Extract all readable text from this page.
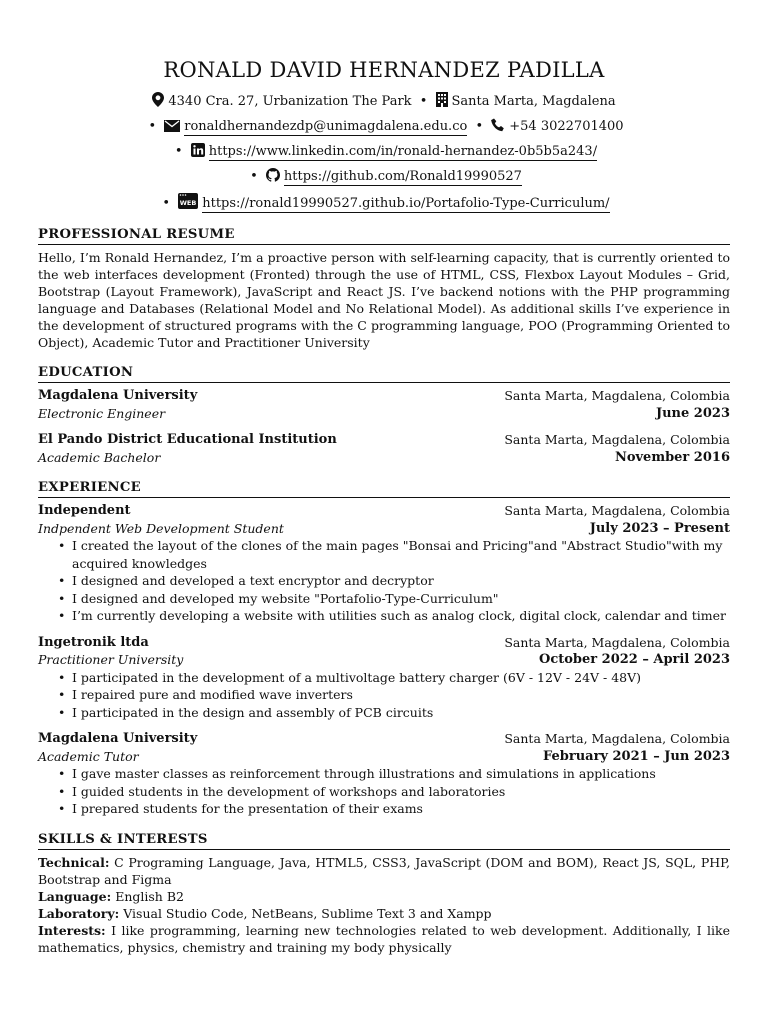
RONALD DAVID HERNANDEZ PADILLA
4340 Cra. 27, Urbanization The Park • Santa Marta, Magdalena
• ronaldhernandezdp@unimagdalena.edu.co • +54 3022701400
• https://www.linkedin.com/in/ronald-hernandez-0b5b5a243/
• https://github.com/Ronald19990527
• WEB https://ronald19990527.github.io/Portafolio-Type-Curriculum/
PROFESSIONAL RESUME

Hello, I’m Ronald Hernandez, I’m a proactive person with self-learning capacity, that is currently oriented to the web interfaces development (Fronted) through the use of HTML, CSS, Flexbox Layout Modules – Grid, Bootstrap (Layout Framework), JavaScript and React JS. I’ve backend notions with the PHP programming language and Databases (Relational Model and No Relational Model). As additional skills I’ve experience in the development of structured programs with the C programming language, POO (Programming Oriented to Object), Academic Tutor and Practitioner University

EDUCATION
Magdalena University	Santa Marta, Magdalena, Colombia
Electronic Engineer	June 2023
El Pando District Educational Institution	Santa Marta, Magdalena, Colombia
Academic Bachelor	November 2016
EXPERIENCE
Independent	Santa Marta, Magdalena, Colombia
Indpendent Web Development Student	July 2023 – Present
• I created the layout of the clones of the main pages "Bonsai and Pricing"and "Abstract Studio"with my acquired knowledges
• I designed and developed a text encryptor and decryptor
• I designed and developed my website "Portafolio-Type-Curriculum"
• I’m currently developing a website with utilities such as analog clock, digital clock, calendar and timer
Ingetronik ltda	Santa Marta, Magdalena, Colombia
Practitioner University	October 2022 – April 2023
• I participated in the development of a multivoltage battery charger (6V - 12V - 24V - 48V)
• I repaired pure and modified wave inverters
• I participated in the design and assembly of PCB circuits
Magdalena University	Santa Marta, Magdalena, Colombia
Academic Tutor	February 2021 – Jun 2023
• I gave master classes as reinforcement through illustrations and simulations in applications
• I guided students in the development of workshops and laboratories
• I prepared students for the presentation of their exams
SKILLS & INTERESTS
Technical: C Programing Language, Java, HTML5, CSS3, JavaScript (DOM and BOM), React JS, SQL, PHP, Bootstrap and Figma
Language: English B2
Laboratory: Visual Studio Code, NetBeans, Sublime Text 3 and Xampp
Interests: I like programming, learning new technologies related to web development. Additionally, I like mathematics, physics, chemistry and training my body physically
